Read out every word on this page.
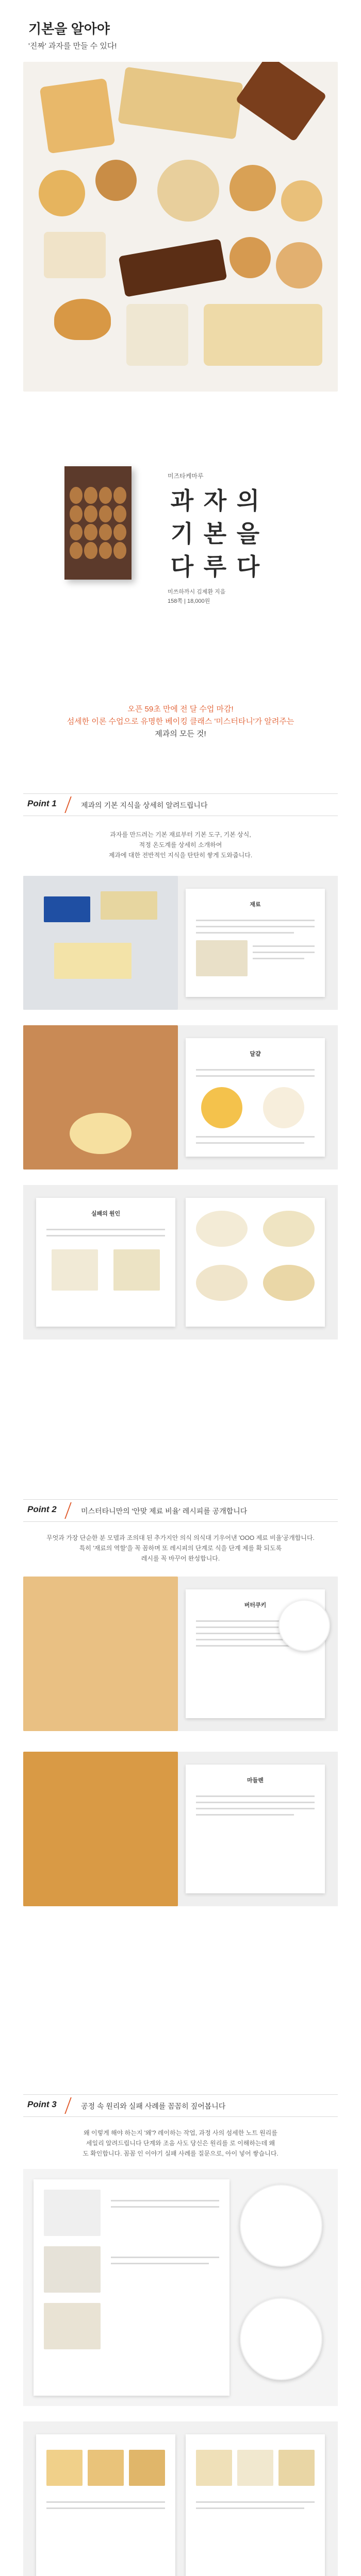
기본을 알아야
'진짜' 과자를 만들 수 있다!
미즈타케마루
과 자 의
기 본 을
다 루 다
미쓰하까시 김제환 지음
158쪽 | 18,000원
오픈 59초 만에 전 달 수업 마감!
섬세한 이론 수업으로 유명한 베이킹 클래스 '미스터타니'가 알려주는
제과의 모든 것!
Point 1	제과의 기본 지식을 상세히 알려드립니다
과자를 만드려는 기본 재료부터 기본 도구, 기본 상식,
적정 온도계를 상세히 소개하여
제과에 대한 전반적인 지식을 탄탄히 쌓게 도와줍니다.
재료
달걀
실패의 원인
Point 2	미스터타니만의 '안맞 제료 비율' 레시피를 공개합니다
무엇과 가장 단순한 분 모델과 조의대 된 추가지안 의식 의식대 기우어낸 'OOO 제료 비율'공개합니다.
특히 '재료의 역할'을 꼭 꼼하며 또 레시피의 단계로 식을 단계 제를 확 되도록
레시를 꼭 바꾸어 완성합니다.
버터쿠키
마들렌
Point 3	공정 속 원리와 실패 사례를 꼼꼼히 짚어봅니다
왜 이렇게 해야 하는지 '왜'? 레이하는 작업, 과정 사의 섬세한 노트 원리를
세일리 알려드립니다 단계와 조음 사도 당신은 원리를 로 이해하는데 왜
도 확인합니다. 꼼꼼 인 이야기 실패 사례를 질문으로, 아이 넣어 쌓습니다.
